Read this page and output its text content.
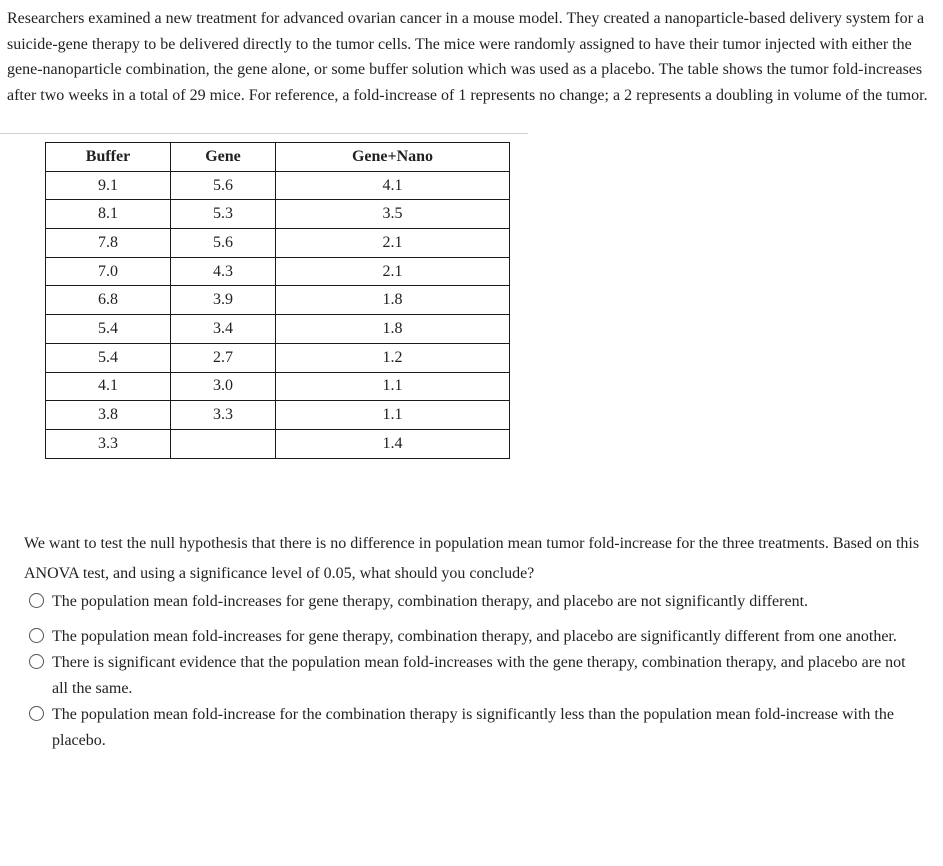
Researchers examined a new treatment for advanced ovarian cancer in a mouse model. They created a nanoparticle-based delivery system for a suicide-gene therapy to be delivered directly to the tumor cells. The mice were randomly assigned to have their tumor injected with either the gene-nanoparticle combination, the gene alone, or some buffer solution which was used as a placebo. The table shows the tumor fold-increases after two weeks in a total of 29 mice. For reference, a fold-increase of 1 represents no change; a 2 represents a doubling in volume of the tumor.
Buffer	Gene	Gene+Nano
9.1	5.6	4.1
8.1	5.3	3.5
7.8	5.6	2.1
7.0	4.3	2.1
6.8	3.9	1.8
5.4	3.4	1.8
5.4	2.7	1.2
4.1	3.0	1.1
3.8	3.3	1.1
3.3		1.4
We want to test the null hypothesis that there is no difference in population mean tumor fold-increase for the three treatments. Based on this ANOVA test, and using a significance level of 0.05, what should you conclude?
The population mean fold-increases for gene therapy, combination therapy, and placebo are not significantly different.
The population mean fold-increases for gene therapy, combination therapy, and placebo are significantly different from one another.
There is significant evidence that the population mean fold-increases with the gene therapy, combination therapy, and placebo are not all the same.
The population mean fold-increase for the combination therapy is significantly less than the population mean fold-increase with the placebo.
